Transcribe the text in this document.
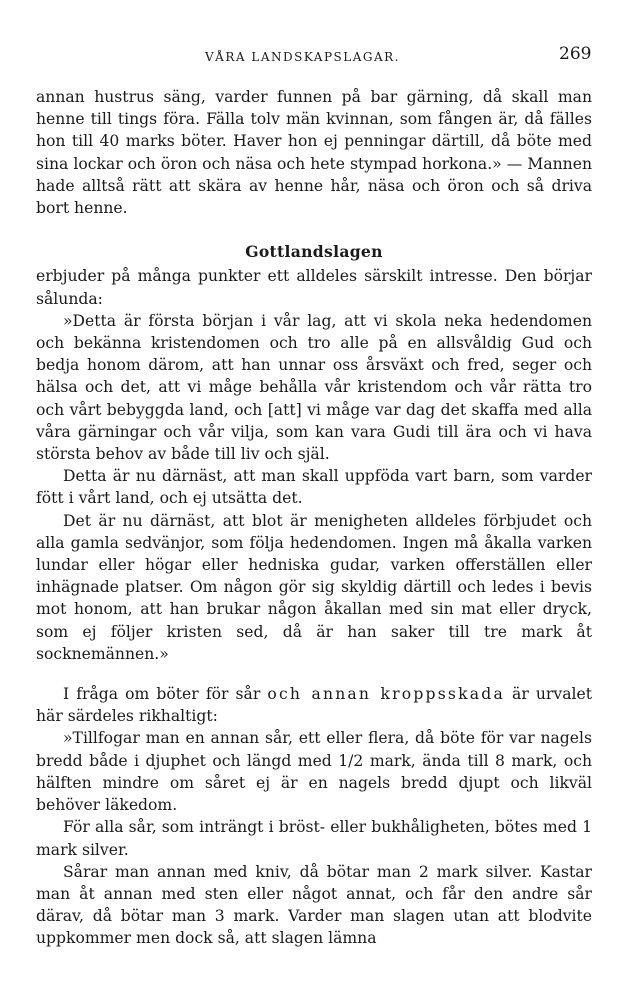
VÅRA LANDSKAPSLAGAR.	269

annan hustrus säng, varder funnen på bar gärning, då skall man henne till tings föra. Fälla tolv män kvinnan, som fången är, då fälles hon till 40 marks böter. Haver hon ej penningar därtill, då böte med sina lockar och öron och näsa och hete stympad horkona.» — Mannen hade alltså rätt att skära av henne hår, näsa och öron och så driva bort henne.

Gottlandslagen

erbjuder på många punkter ett alldeles särskilt intresse. Den börjar sålunda:

»Detta är första början i vår lag, att vi skola neka hedendomen och bekänna kristendomen och tro alle på en allsvåldig Gud och bedja honom därom, att han unnar oss årsväxt och fred, seger och hälsa och det, att vi måge behålla vår kristendom och vår rätta tro och vårt bebyggda land, och [att] vi måge var dag det skaffa med alla våra gärningar och vår vilja, som kan vara Gudi till ära och vi hava största behov av både till liv och själ.

Detta är nu därnäst, att man skall uppföda vart barn, som varder fött i vårt land, och ej utsätta det.

Det är nu därnäst, att blot är menigheten alldeles förbjudet och alla gamla sedvänjor, som följa hedendomen. Ingen må åkalla varken lundar eller högar eller hedniska gudar, varken offerställen eller inhägnade platser. Om någon gör sig skyldig därtill och ledes i bevis mot honom, att han brukar någon åkallan med sin mat eller dryck, som ej följer kristen sed, då är han saker till tre mark åt socknemännen.»

I fråga om böter för sår och annan kroppsskada är urvalet här särdeles rikhaltigt:

»Tillfogar man en annan sår, ett eller flera, då böte för var nagels bredd både i djuphet och längd med 1/2 mark, ända till 8 mark, och hälften mindre om såret ej är en nagels bredd djupt och likväl behöver läkedom.

För alla sår, som inträngt i bröst- eller bukhåligheten, bötes med 1 mark silver.

Sårar man annan med kniv, då bötar man 2 mark silver. Kastar man åt annan med sten eller något annat, och får den andre sår därav, då bötar man 3 mark. Varder man slagen utan att blodvite uppkommer men dock så, att slagen lämna
